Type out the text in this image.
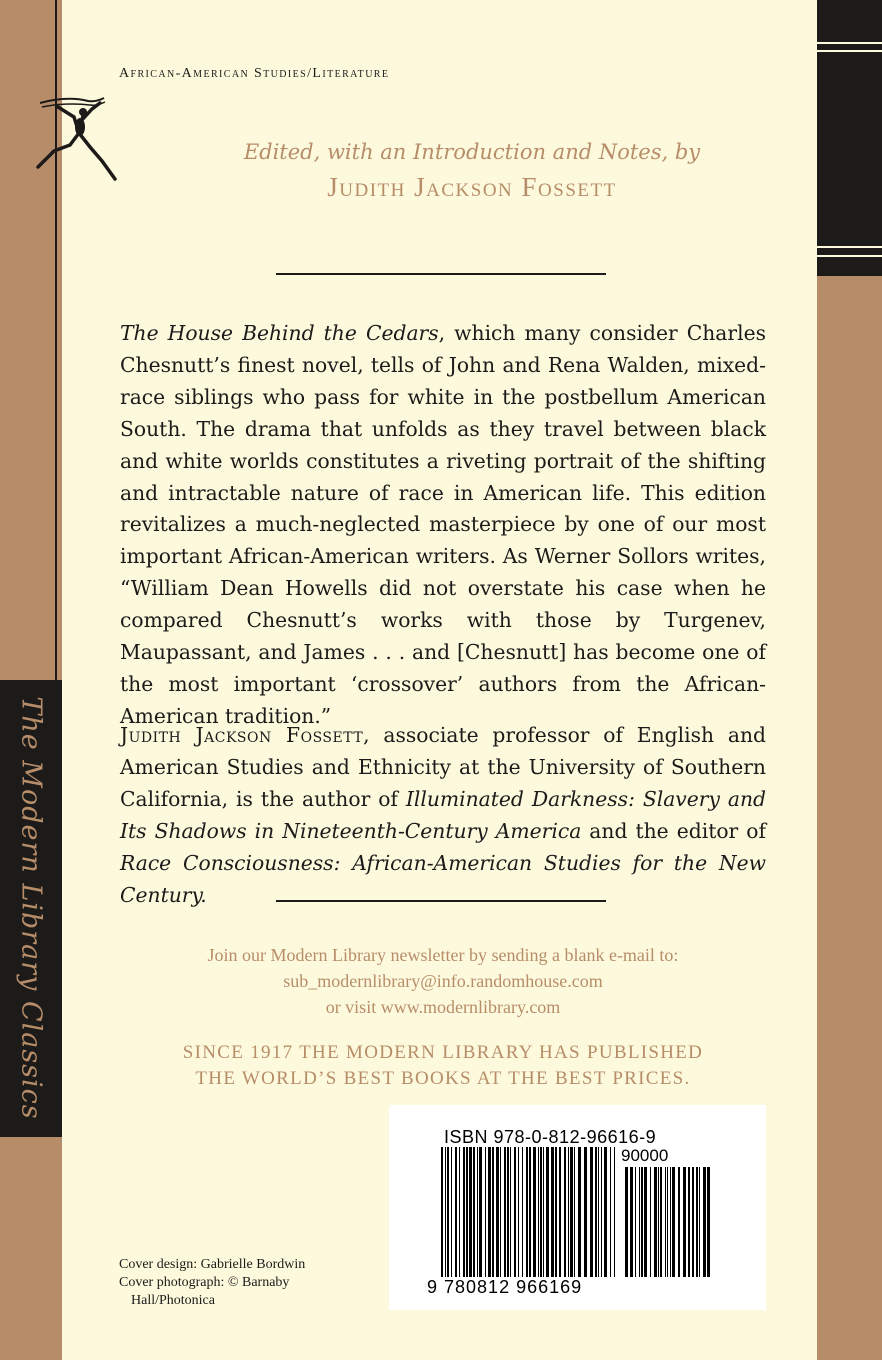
The Modern Library Classics
African-American Studies/Literature
Edited, with an Introduction and Notes, by
Judith Jackson Fossett

The House Behind the Cedars, which many consider Charles Chesnutt’s finest novel, tells of John and Rena Walden, mixed-race siblings who pass for white in the postbellum American South. The drama that unfolds as they travel between black and white worlds constitutes a riveting portrait of the shifting and intractable nature of race in American life. This edition revitalizes a much-neglected masterpiece by one of our most important African-American writers. As Werner Sollors writes, “William Dean Howells did not overstate his case when he compared Chesnutt’s works with those by Turgenev, Maupassant, and James . . . and [Chesnutt] has become one of the most important ‘crossover’ authors from the African-American tradition.”

Judith Jackson Fossett, associate professor of English and American Studies and Ethnicity at the University of Southern California, is the author of Illuminated Darkness: Slavery and Its Shadows in Nineteenth-Century America and the editor of Race Consciousness: African-American Studies for the New Century.

Join our Modern Library newsletter by sending a blank e-mail to:
sub_modernlibrary@info.randomhouse.com
or visit www.modernlibrary.com
SINCE 1917 THE MODERN LIBRARY HAS PUBLISHED
THE WORLD’S BEST BOOKS AT THE BEST PRICES.
ISBN 978-0-812-96616-9
90000
9 780812 966169
Cover design: Gabrielle Bordwin
Cover photograph: © Barnaby
Hall/Photonica
